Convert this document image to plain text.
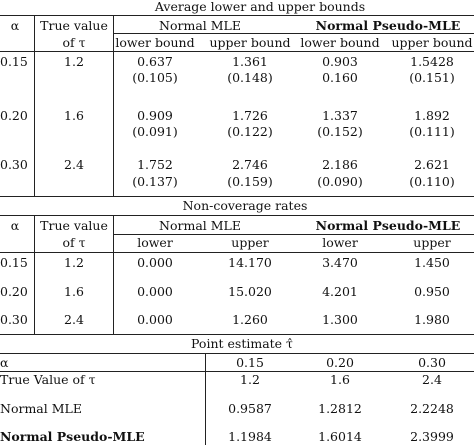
Average lower and upper bounds
α True value
of τ
Normal MLE	Normal Pseudo-MLE
lower bound upper bound lower bound upper bound
0.15	1.2	0.637	1.361	0.903	1.5428
(0.105)	(0.148)	0.160	(0.151)
0.20	1.6	0.909	1.726	1.337	1.892
(0.091)	(0.122)	(0.152)	(0.111)
0.30	2.4	1.752	2.746	2.186	2.621
(0.137)	(0.159)	(0.090)	(0.110)
Non-coverage rates
α True value
of τ
Normal MLE	Normal Pseudo-MLE
lower	upper	lower	upper
0.15	1.2	0.000	14.170	3.470	1.450
0.20	1.6	0.000	15.020	4.201	0.950
0.30	2.4	0.000	1.260	1.300	1.980
Point estimate τ̂
α	0.15	0.20	0.30
True Value of τ	1.2	1.6	2.4
Normal MLE	0.9587	1.2812	2.2248
Normal Pseudo-MLE	1.1984	1.6014	2.3999
